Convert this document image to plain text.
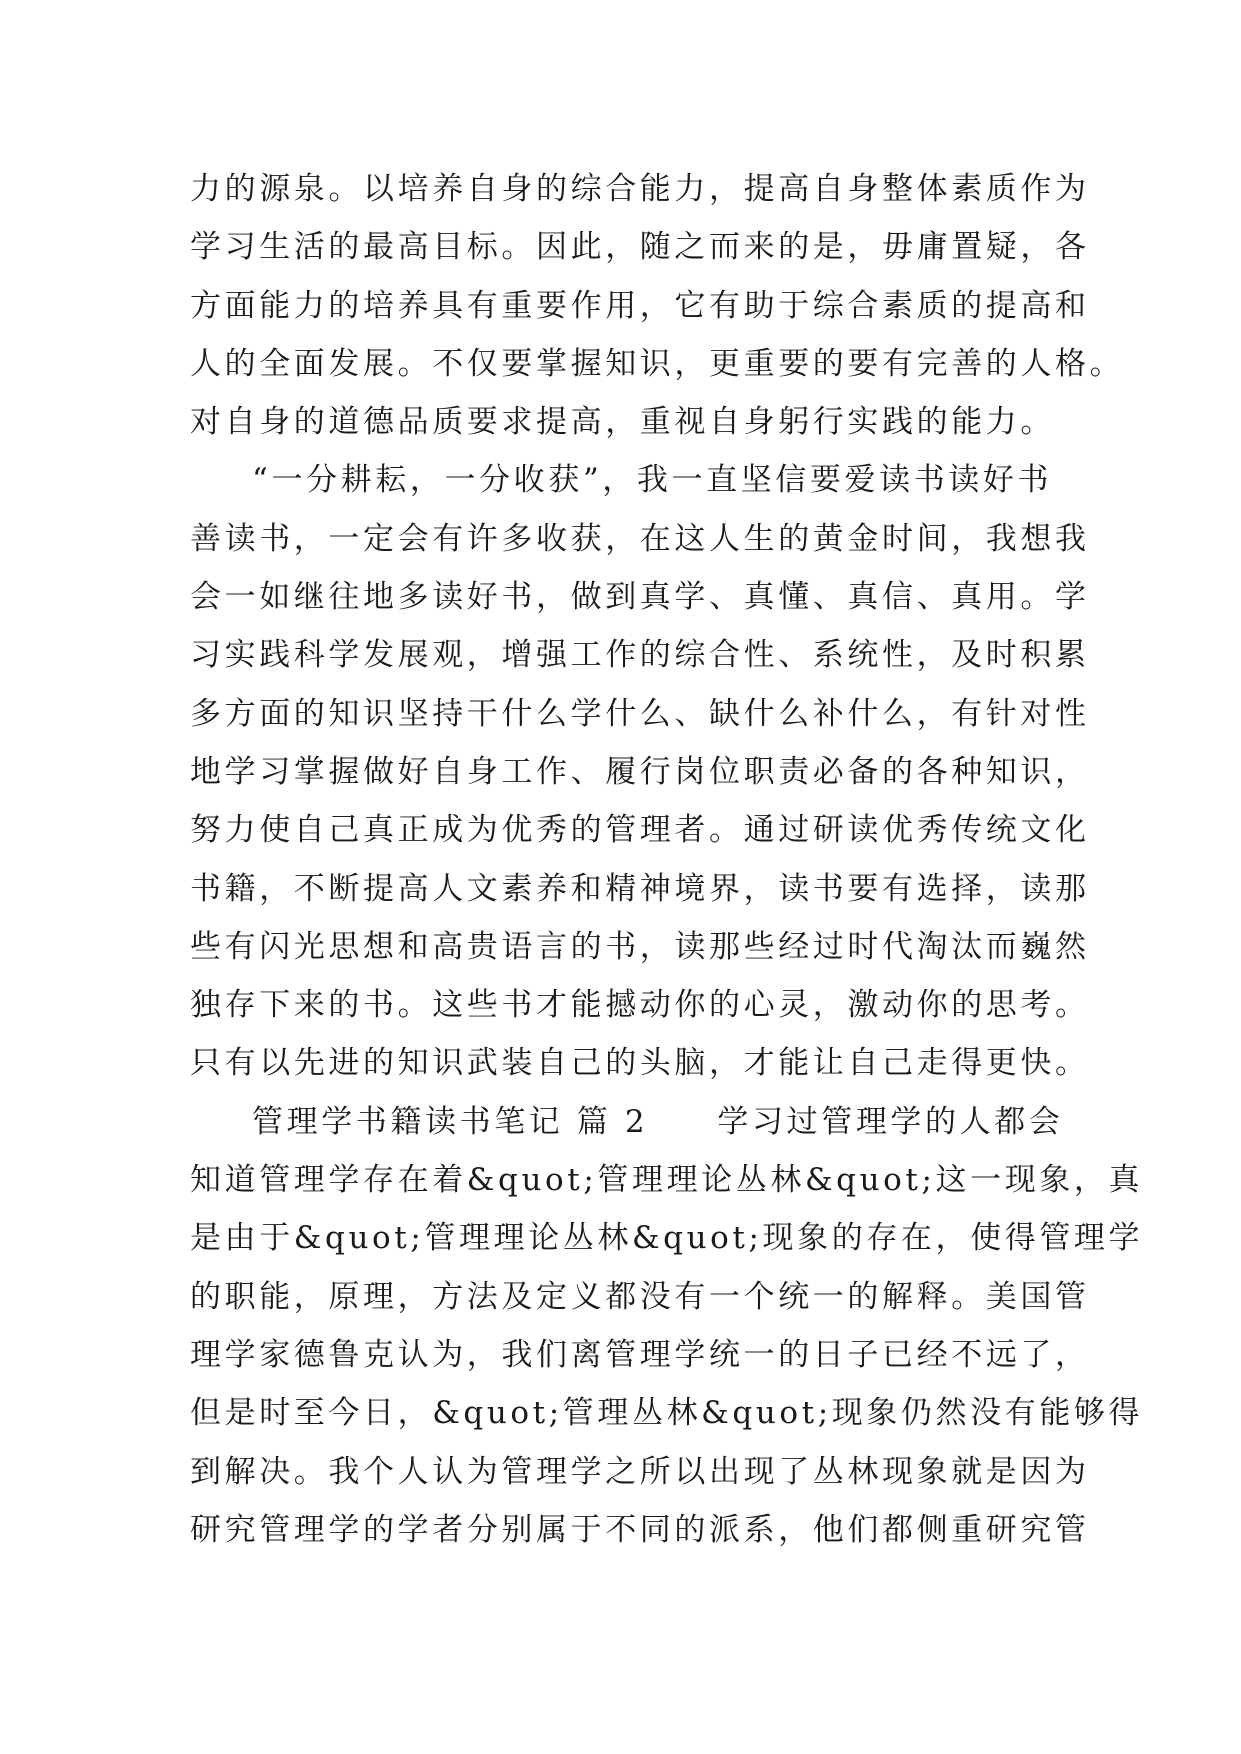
力的源泉。以培养自身的综合能力，提高自身整体素质作为
学习生活的最高目标。因此，随之而来的是，毋庸置疑，各
方面能力的培养具有重要作用，它有助于综合素质的提高和
人的全面发展。不仅要掌握知识，更重要的要有完善的人格。
对自身的道德品质要求提高，重视自身躬行实践的能力。
“一分耕耘，一分收获”，我一直坚信要爱读书读好书
善读书，一定会有许多收获，在这人生的黄金时间，我想我
会一如继往地多读好书，做到真学、真懂、真信、真用。学
习实践科学发展观，增强工作的综合性、系统性，及时积累
多方面的知识坚持干什么学什么、缺什么补什么，有针对性
地学习掌握做好自身工作、履行岗位职责必备的各种知识，
努力使自己真正成为优秀的管理者。通过研读优秀传统文化
书籍，不断提高人文素养和精神境界，读书要有选择，读那
些有闪光思想和高贵语言的书，读那些经过时代淘汰而巍然
独存下来的书。这些书才能撼动你的心灵，激动你的思考。
只有以先进的知识武装自己的头脑，才能让自己走得更快。
管理学书籍读书笔记 篇 2　　学习过管理学的人都会
知道管理学存在着&quot;管理理论丛林&quot;这一现象，真
是由于&quot;管理理论丛林&quot;现象的存在，使得管理学
的职能，原理，方法及定义都没有一个统一的解释。美国管
理学家德鲁克认为，我们离管理学统一的日子已经不远了，
但是时至今日，&quot;管理丛林&quot;现象仍然没有能够得
到解决。我个人认为管理学之所以出现了丛林现象就是因为
研究管理学的学者分别属于不同的派系，他们都侧重研究管
